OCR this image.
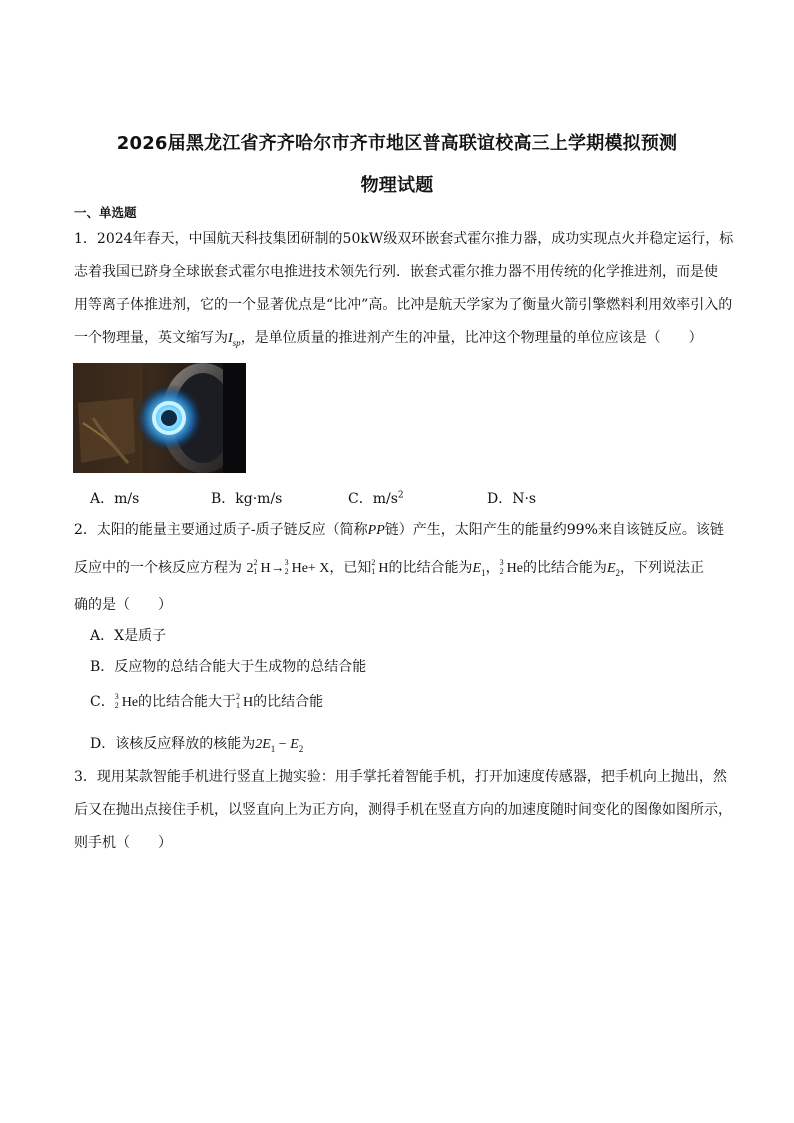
2026届黑龙江省齐齐哈尔市齐市地区普高联谊校高三上学期模拟预测
物理试题
一、单选题
1．2024年春天，中国航天科技集团研制的50kW级双环嵌套式霍尔推力器，成功实现点火并稳定运行，标
志着我国已跻身全球嵌套式霍尔电推进技术领先行列．嵌套式霍尔推力器不用传统的化学推进剂，而是使
用等离子体推进剂，它的一个显著优点是“比冲”高。比冲是航天学家为了衡量火箭引擎燃料利用效率引入的
一个物理量，英文缩写为$I_{sp}$，是单位质量的推进剂产生的冲量，比冲这个物理量的单位应该是（　　）
A．m/s	B．kg·m/s	C．$m/s^2$	D．N·s
2．太阳的能量主要通过质子-质子链反应（简称PP链）产生，太阳产生的能量约99%来自该链反应。该链
反应中的一个核反应方程为 2 2
1 H→ 3
2 He+ X，已知 2
1 H的比结合能为$E_1$， 3
2 He的比结合能为$E_2$，下列说法正
确的是（　　）
A．X是质子
B．反应物的总结合能大于生成物的总结合能
C． 3
2 He的比结合能大于 2
1 H的比结合能
D．该核反应释放的核能为$2E_1 - E_2$
3．现用某款智能手机进行竖直上抛实验：用手掌托着智能手机，打开加速度传感器，把手机向上抛出，然
后又在抛出点接住手机，以竖直向上为正方向，测得手机在竖直方向的加速度随时间变化的图像如图所示，
则手机（　　）
